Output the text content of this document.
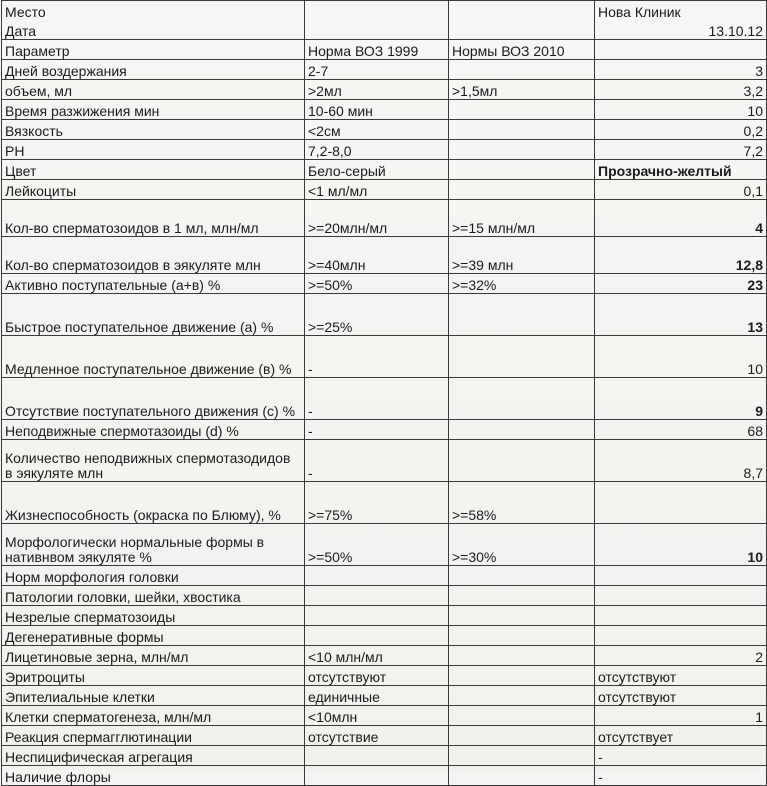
Место			Нова Клиник
Дата			13.10.12
Параметр	Норма ВОЗ 1999	Нормы ВОЗ 2010	
Дней воздержания	2-7		3
объем, мл	>2мл	>1,5мл	3,2
Время разжижения мин	10-60 мин		10
Вязкость	<2см		0,2
PH	7,2-8,0		7,2
Цвет	Бело-серый		Прозрачно-желтый
Лейкоциты	<1 мл/мл		0,1
Кол-во сперматозоидов в 1 мл, млн/мл	>=20млн/мл	>=15 млн/мл	4
Кол-во сперматозоидов в эякуляте млн	>=40млн	>=39 млн	12,8
Активно поступательные (а+в) %	>=50%	>=32%	23
Быстрое поступательное движение (а) %	>=25%		13
Медленное поступательное движение (в) %	-		10
Отсутствие поступательного движения (с) %	-		9
Неподвижные спермотазоиды (d) %	-		68
Количество неподвижных спермотазодидов в эякуляте млн	-		8,7
Жизнеспособность (окраска по Блюму), %	>=75%	>=58%	
Морфологически нормальные формы в нативнвом эякуляте %	>=50%	>=30%	10
Норм морфология головки			
Патологии головки, шейки, хвостика			
Незрелые сперматозоиды			
Дегенеративные формы			
Лицетиновые зерна, млн/мл	<10 млн/мл		2
Эритроциты	отсутствуют		отсутствуют
Эпителиальные клетки	единичные		отсутствуют
Клетки сперматогенеза, млн/мл	<10млн		1
Реакция спермагглютинации	отсутствие		отсутствует
Неспицифическая агрегация			-
Наличие флоры			-
